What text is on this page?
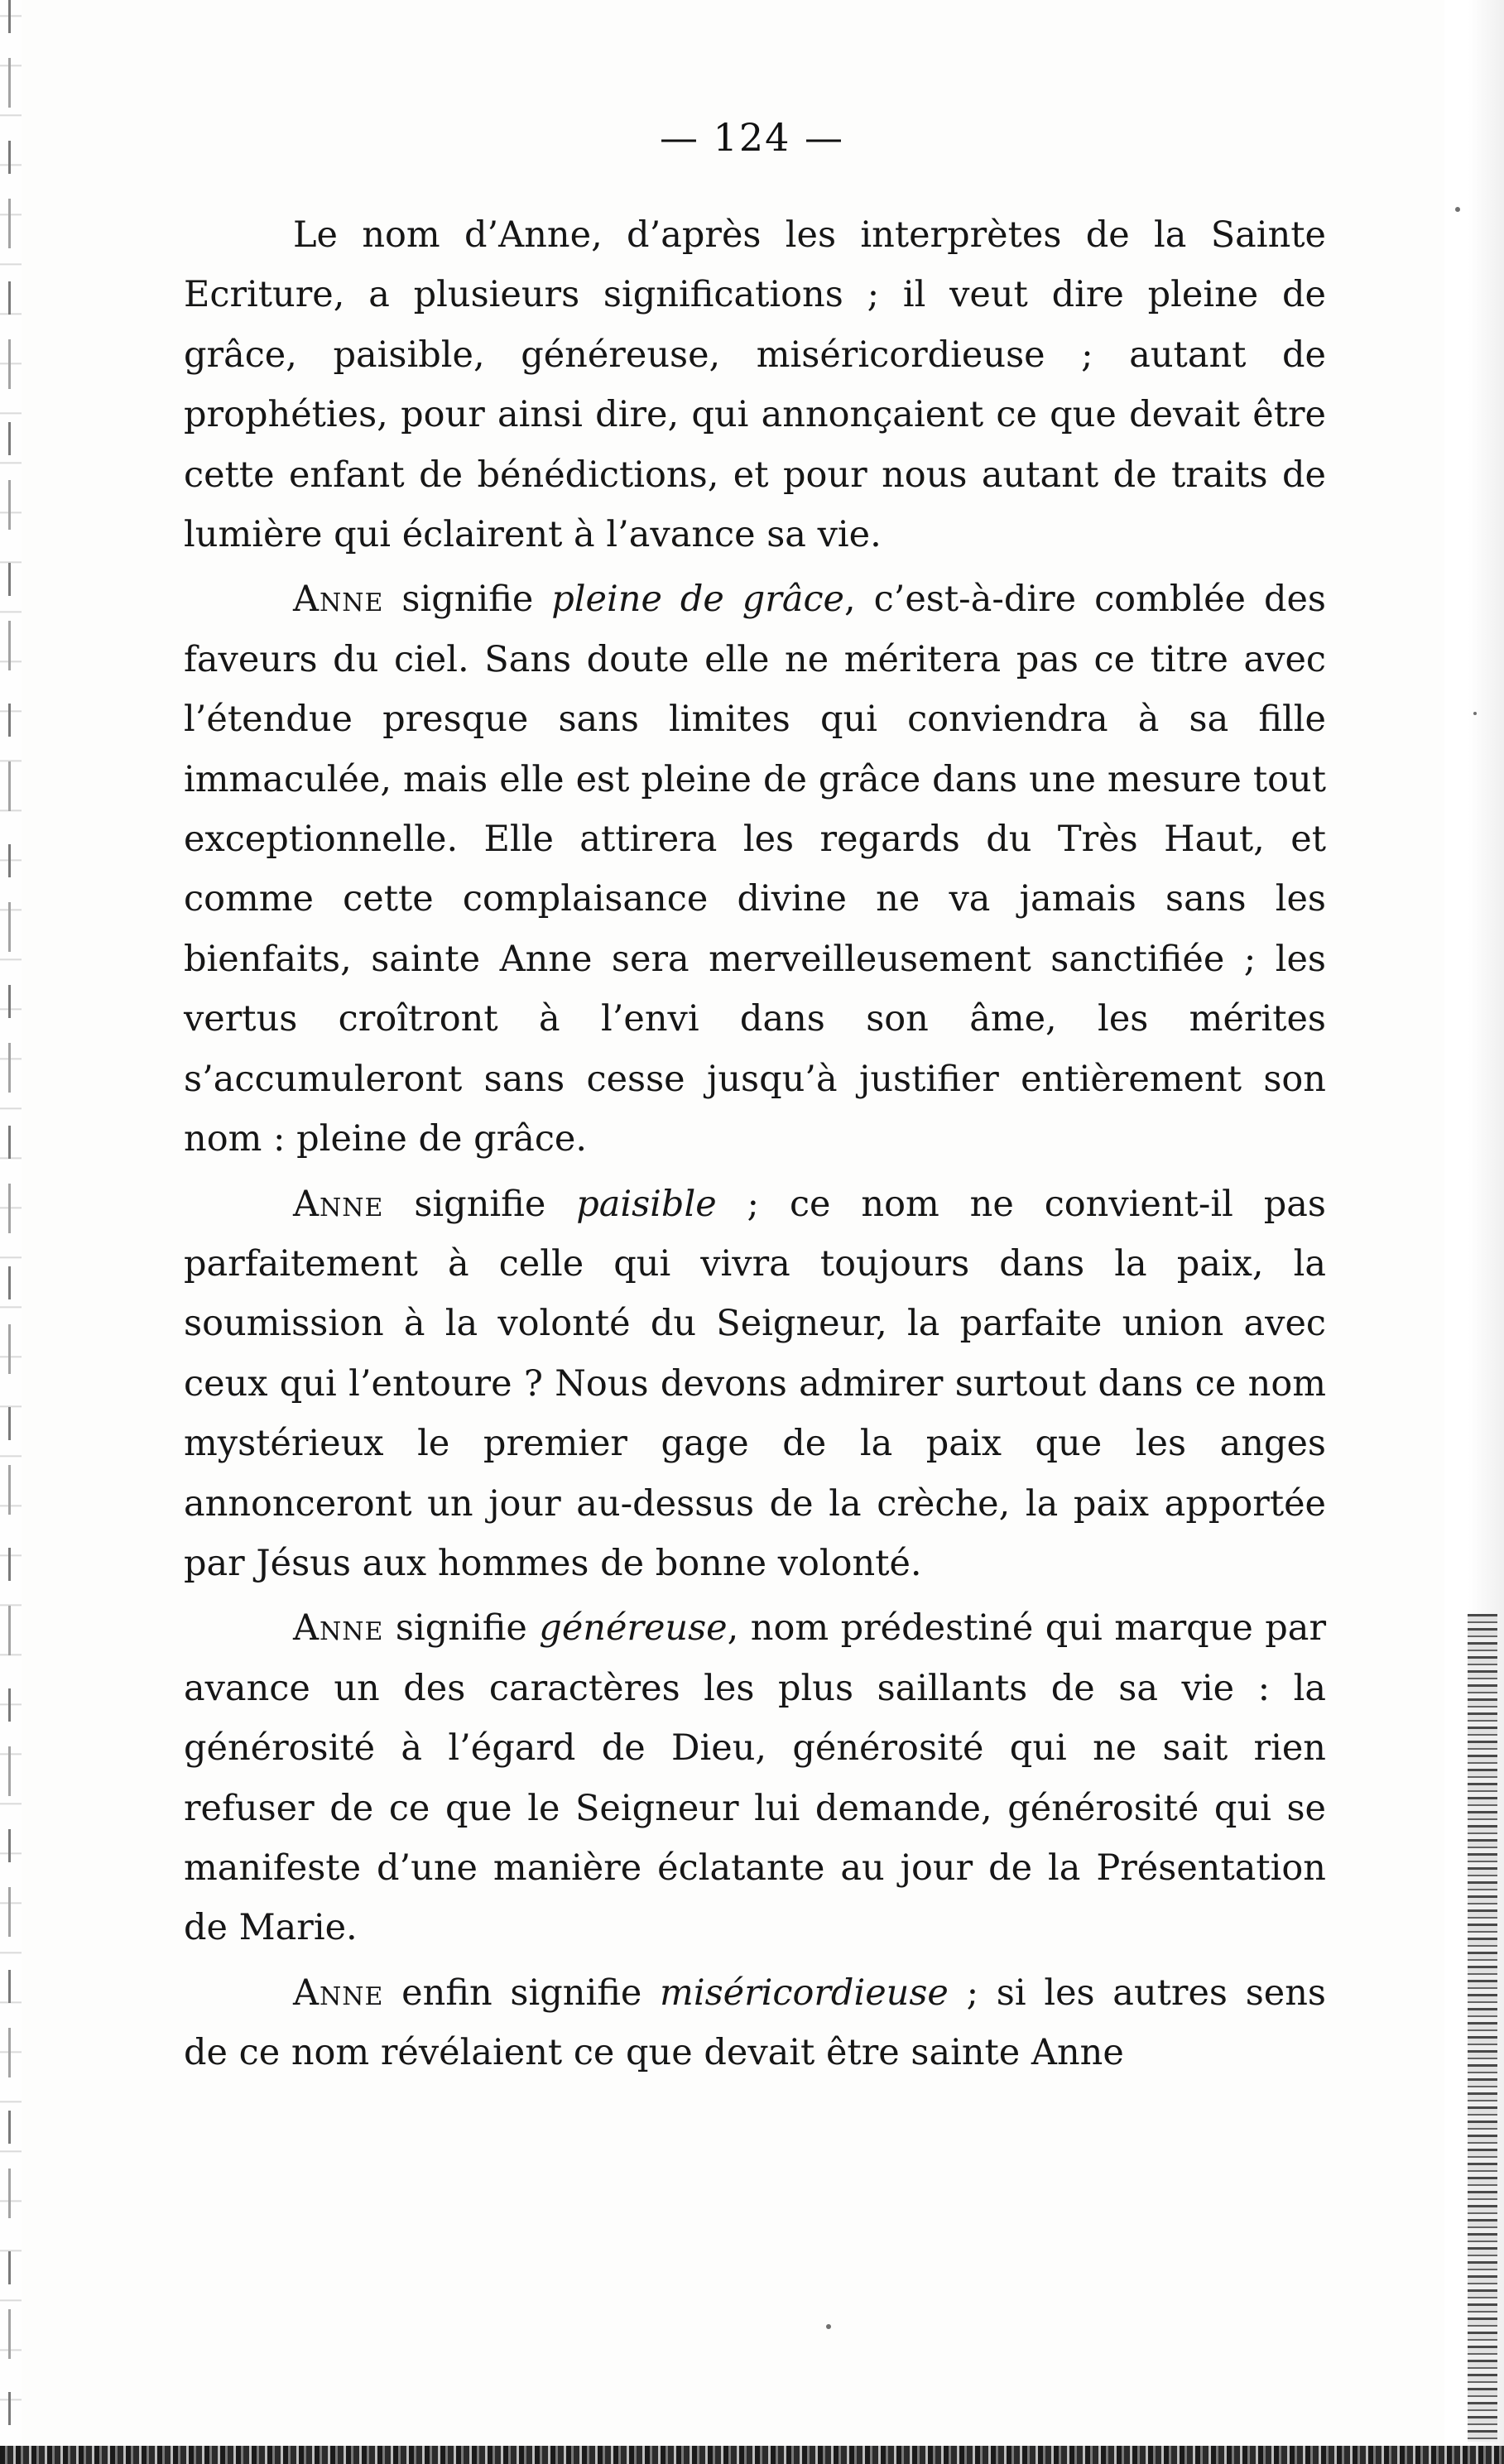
— 124 —

Le nom d’Anne, d’après les interprètes de la Sainte Ecriture, a plusieurs significations ; il veut dire pleine de grâce, paisible, généreuse, miséricordieuse ; autant de prophéties, pour ainsi dire, qui annonçaient ce que devait être cette enfant de bénédictions, et pour nous autant de traits de lumière qui éclairent à l’avance sa vie.

Anne signifie pleine de grâce, c’est-à-dire comblée des faveurs du ciel. Sans doute elle ne méritera pas ce titre avec l’étendue presque sans limites qui conviendra à sa fille immaculée, mais elle est pleine de grâce dans une mesure tout exceptionnelle. Elle attirera les regards du Très Haut, et comme cette complaisance divine ne va jamais sans les bienfaits, sainte Anne sera merveilleusement sanctifiée ; les vertus croîtront à l’envi dans son âme, les mérites s’accumuleront sans cesse jusqu’à justifier entièrement son nom : pleine de grâce.

Anne signifie paisible ; ce nom ne convient-il pas parfaitement à celle qui vivra toujours dans la paix, la soumission à la volonté du Seigneur, la parfaite union avec ceux qui l’entoure ? Nous devons admirer surtout dans ce nom mystérieux le premier gage de la paix que les anges annonceront un jour au-dessus de la crèche, la paix apportée par Jésus aux hommes de bonne volonté.

Anne signifie généreuse, nom prédestiné qui marque par avance un des caractères les plus saillants de sa vie : la générosité à l’égard de Dieu, générosité qui ne sait rien refuser de ce que le Seigneur lui demande, générosité qui se manifeste d’une manière éclatante au jour de la Présentation de Marie.

Anne enfin signifie miséricordieuse ; si les autres sens de ce nom révélaient ce que devait être sainte Anne
